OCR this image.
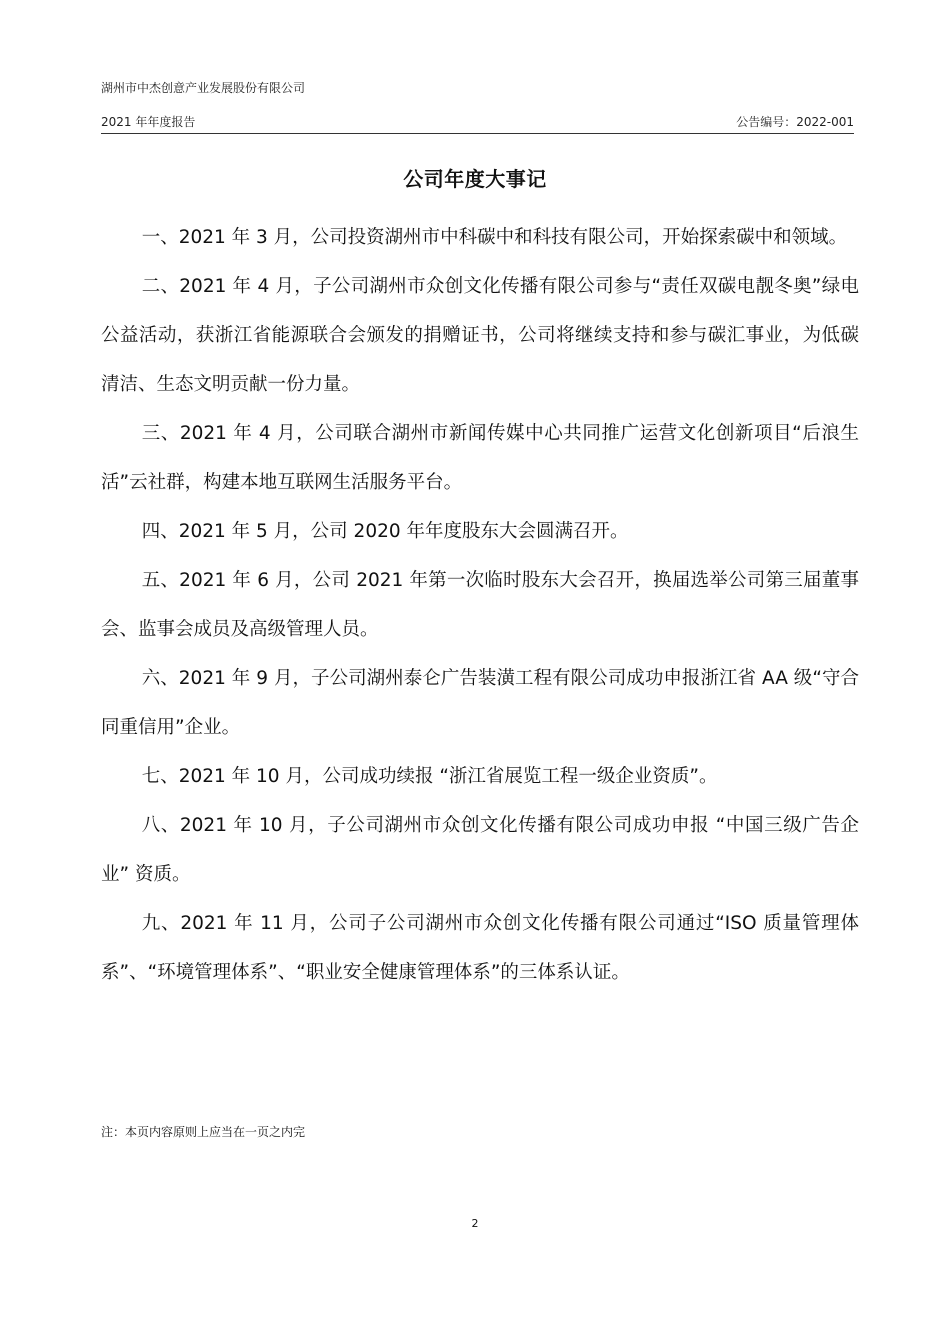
湖州市中杰创意产业发展股份有限公司
2021 年年度报告	公告编号：2022-001
公司年度大事记

一、2021 年 3 月，公司投资湖州市中科碳中和科技有限公司，开始探索碳中和领域。

二、2021 年 4 月，子公司湖州市众创文化传播有限公司参与“责任双碳电靓冬奥”绿电公益活动，获浙江省能源联合会颁发的捐赠证书，公司将继续支持和参与碳汇事业，为低碳清洁、生态文明贡献一份力量。

三、2021 年 4 月，公司联合湖州市新闻传媒中心共同推广运营文化创新项目“后浪生活”云社群，构建本地互联网生活服务平台。

四、2021 年 5 月，公司 2020 年年度股东大会圆满召开。

五、2021 年 6 月，公司 2021 年第一次临时股东大会召开，换届选举公司第三届董事会、监事会成员及高级管理人员。

六、2021 年 9 月，子公司湖州泰仑广告装潢工程有限公司成功申报浙江省 AA 级“守合同重信用”企业。

七、2021 年 10 月，公司成功续报 “浙江省展览工程一级企业资质”。

八、2021 年 10 月，子公司湖州市众创文化传播有限公司成功申报 “中国三级广告企业” 资质。

九、2021 年 11 月，公司子公司湖州市众创文化传播有限公司通过“ISO 质量管理体系”、“环境管理体系”、“职业安全健康管理体系”的三体系认证。

注：本页内容原则上应当在一页之内完
2
